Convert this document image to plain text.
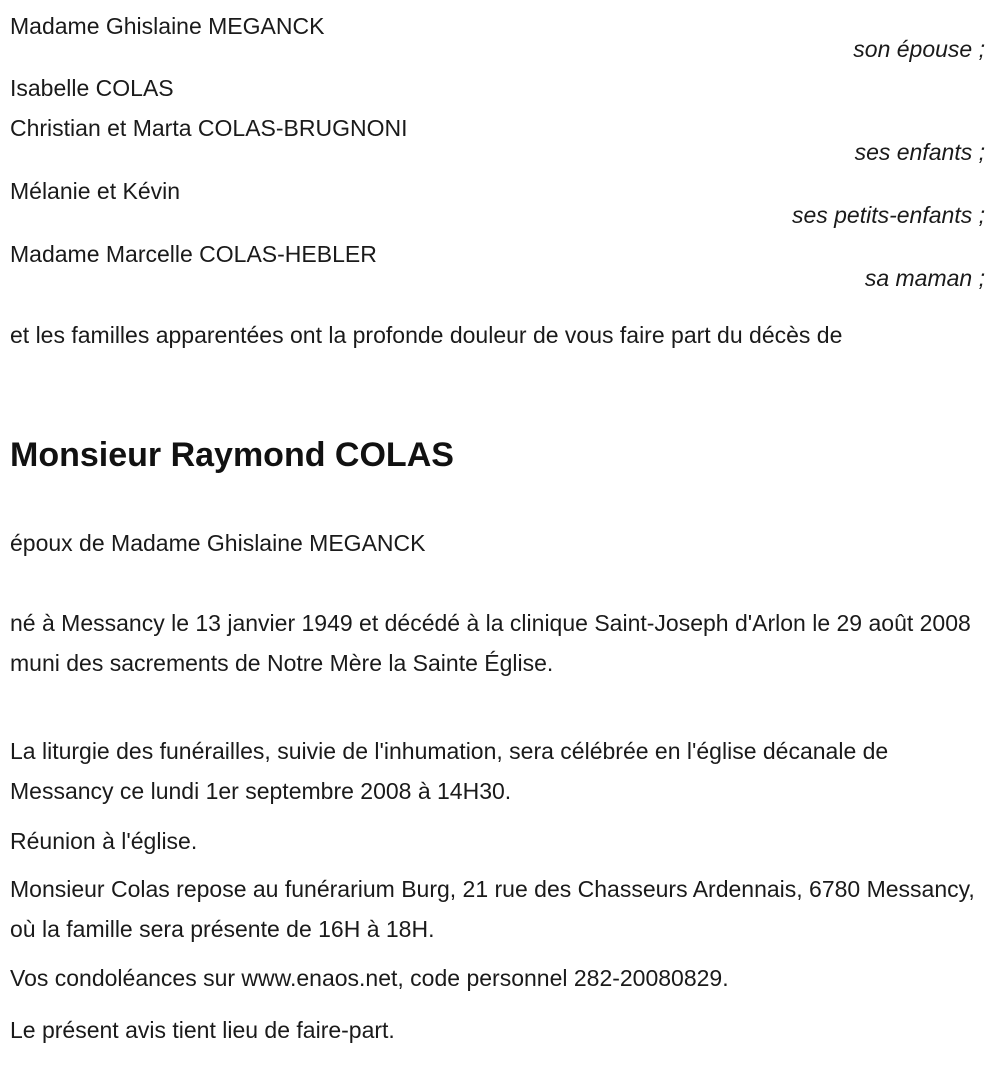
Madame Ghislaine MEGANCK
son épouse ;
Isabelle COLAS
Christian et Marta COLAS-BRUGNONI
ses enfants ;
Mélanie et Kévin
ses petits-enfants ;
Madame Marcelle COLAS-HEBLER
sa maman ;
et les familles apparentées ont la profonde douleur de vous faire part du décès de
Monsieur Raymond COLAS
époux de Madame Ghislaine MEGANCK
né à Messancy le 13 janvier 1949 et décédé à la clinique Saint-Joseph d'Arlon le 29 août 2008 muni des sacrements de Notre Mère la Sainte Église.
La liturgie des funérailles, suivie de l'inhumation, sera célébrée en l'église décanale de Messancy ce lundi 1er septembre 2008 à 14H30.
Réunion à l'église.
Monsieur Colas repose au funérarium Burg, 21 rue des Chasseurs Ardennais, 6780 Messancy, où la famille sera présente de 16H à 18H.
Vos condoléances sur www.enaos.net, code personnel 282-20080829.
Le présent avis tient lieu de faire-part.
